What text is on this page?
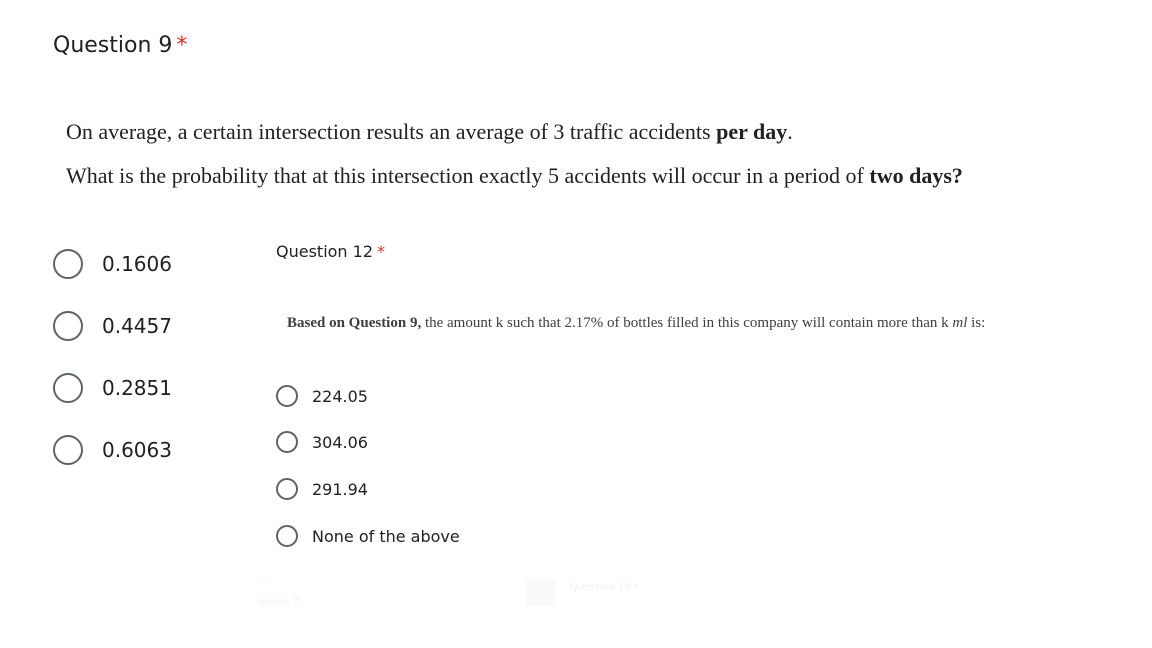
Question 9 *
On average, a certain intersection results an average of 3 traffic accidents per day.
What is the probability that at this intersection exactly 5 accidents will occur in a period of two days?
0.1606
0.4457
0.2851
0.6063
Question 12 *
Based on Question 9, the amount k such that 2.17% of bottles filled in this company will contain more than k ml is:
224.05
304.06
291.94
None of the above
---
bonne 7
Question 10 *
